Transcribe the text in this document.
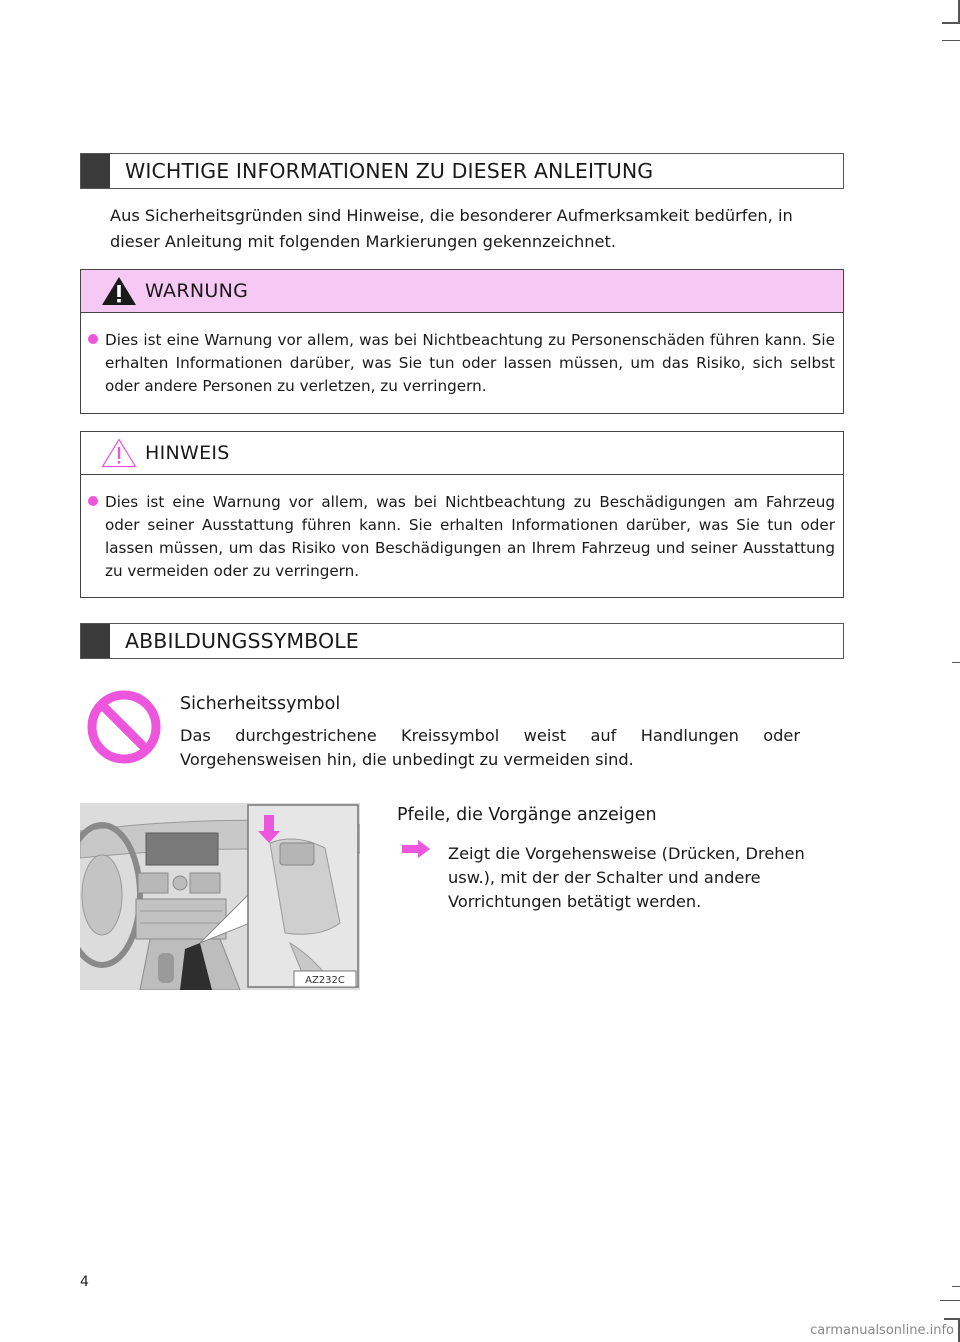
WICHTIGE INFORMATIONEN ZU DIESER ANLEITUNG
Aus Sicherheitsgründen sind Hinweise, die besonderer Aufmerksamkeit bedürfen, in dieser Anleitung mit folgenden Markierungen gekennzeichnet.
WARNUNG
Dies ist eine Warnung vor allem, was bei Nichtbeachtung zu Personenschäden führen kann. Sie erhalten Informationen darüber, was Sie tun oder lassen müssen, um das Risiko, sich selbst oder andere Personen zu verletzen, zu verringern.
HINWEIS
Dies ist eine Warnung vor allem, was bei Nichtbeachtung zu Beschädigungen am Fahrzeug oder seiner Ausstattung führen kann. Sie erhalten Informationen darüber, was Sie tun oder lassen müssen, um das Risiko von Beschädigungen an Ihrem Fahrzeug und seiner Ausstattung zu vermeiden oder zu verringern.
ABBILDUNGSSYMBOLE
Sicherheitssymbol
Das durchgestrichene Kreissymbol weist auf Handlungen oder Vorgehensweisen hin, die unbedingt zu vermeiden sind.
AZ232C
Pfeile, die Vorgänge anzeigen
Zeigt die Vorgehensweise (Drücken, Drehen usw.), mit der der Schalter und andere Vorrichtungen betätigt werden.
4
carmanualsonline.info
